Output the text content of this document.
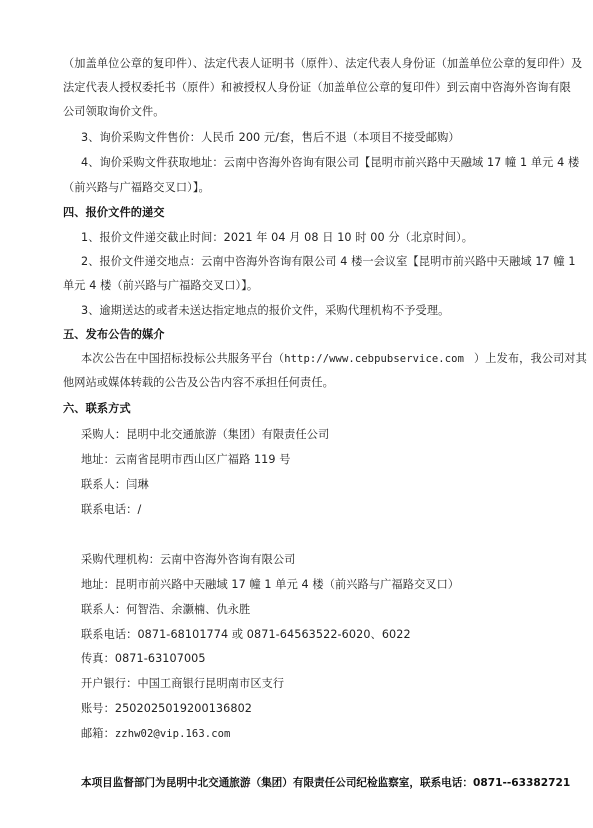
（加盖单位公章的复印件）、法定代表人证明书（原件）、法定代表人身份证（加盖单位公章的复印件）及
法定代表人授权委托书（原件）和被授权人身份证（加盖单位公章的复印件）到云南中咨海外咨询有限
公司领取询价文件。
3、询价采购文件售价：人民币 200 元/套，售后不退（本项目不接受邮购）
4、询价采购文件获取地址：云南中咨海外咨询有限公司【昆明市前兴路中天融域 17 幢 1 单元 4 楼
（前兴路与广福路交叉口）】。
四、报价文件的递交
1、报价文件递交截止时间：2021 年 04 月 08 日 10 时 00 分（北京时间）。
2、报价文件递交地点：云南中咨海外咨询有限公司 4 楼一会议室【昆明市前兴路中天融域 17 幢 1
单元 4 楼（前兴路与广福路交叉口）】。
3、逾期送达的或者未送达指定地点的报价文件，采购代理机构不予受理。
五、发布公告的媒介
本次公告在中国招标投标公共服务平台（http://www.cebpubservice.com ）上发布，我公司对其
他网站或媒体转载的公告及公告内容不承担任何责任。
六、联系方式
采购人：昆明中北交通旅游（集团）有限责任公司
地址：云南省昆明市西山区广福路 119 号
联系人：闫琳
联系电话：/
采购代理机构：云南中咨海外咨询有限公司
地址：昆明市前兴路中天融域 17 幢 1 单元 4 楼（前兴路与广福路交叉口）
联系人：何智浩、余灏楠、仇永胜
联系电话：0871-68101774 或 0871-64563522-6020、6022
传真：0871-63107005
开户银行：中国工商银行昆明南市区支行
账号：2502025019200136802
邮箱：zzhw02@vip.163.com
本项目监督部门为昆明中北交通旅游（集团）有限责任公司纪检监察室，联系电话：0871--63382721
